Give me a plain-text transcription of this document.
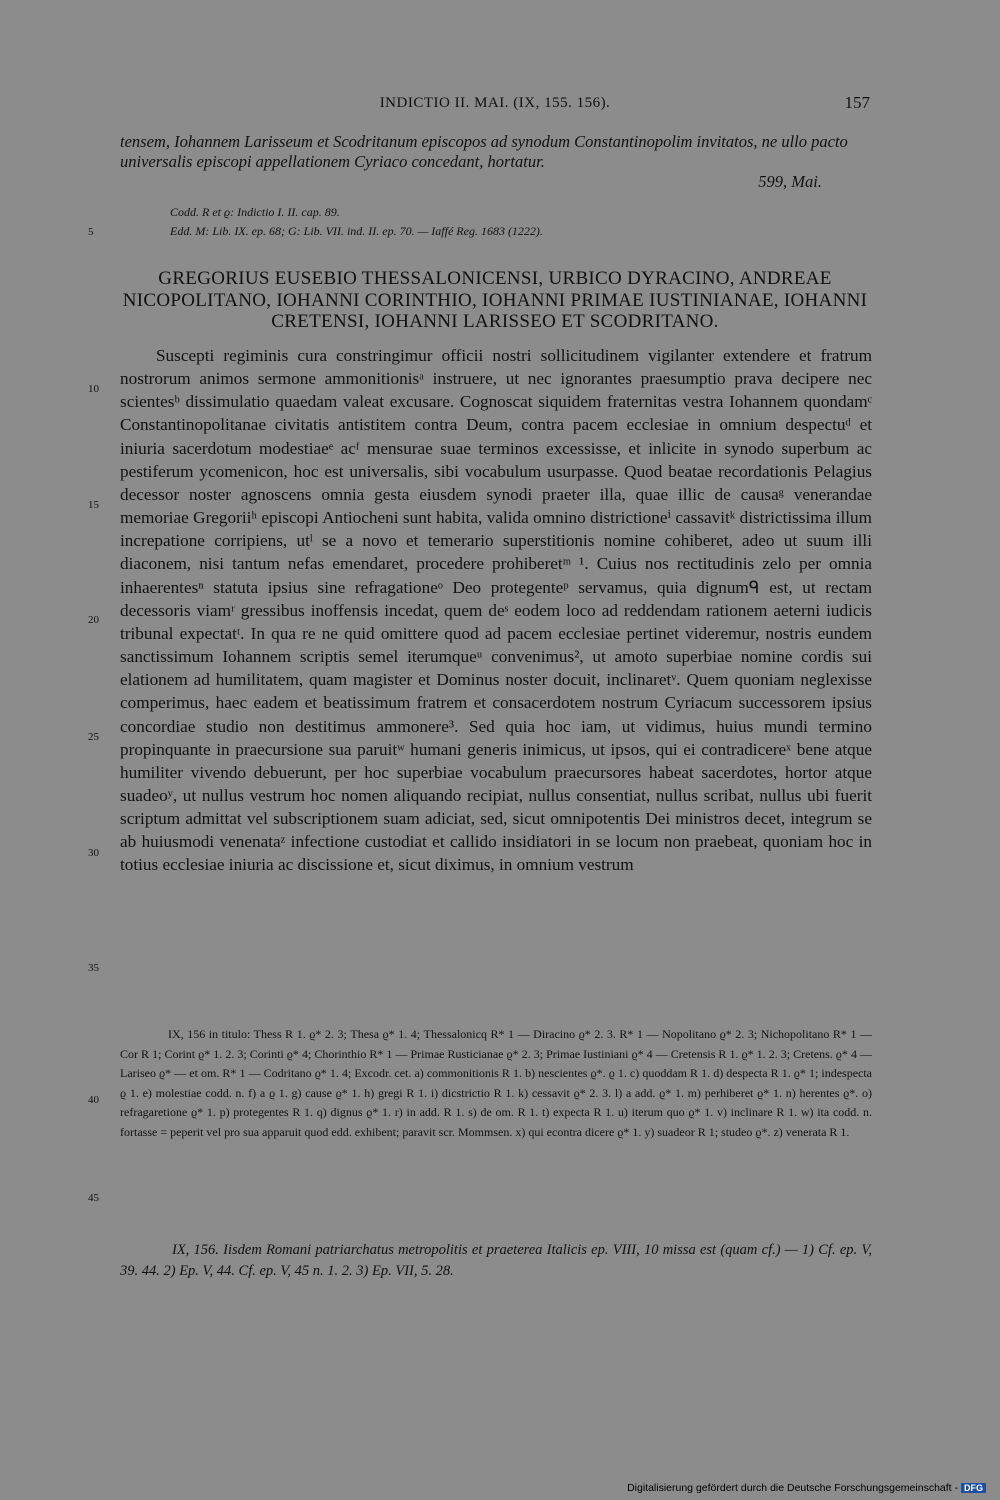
INDICTIO II. MAI. (IX, 155. 156).	157
tensem, Iohannem Larisseum et Scodritanum episcopos ad synodum Constantinopolim invitatos, ne ullo pacto universalis episcopi appellationem Cyriaco concedant, hortatur.
599, Mai.
Codd. R et ϱ: Indictio I. II. cap. 89.
Edd. M: Lib. IX. ep. 68; G: Lib. VII. ind. II. ep. 70. — Iaffé Reg. 1683 (1222).
5
10
15
20
25
30
35
40
45
GREGORIUS EUSEBIO THESSALONICENSI, URBICO DYRACINO, ANDREAE NICOPOLITANO, IOHANNI CORINTHIO, IOHANNI PRIMAE IUSTINIANAE, IOHANNI CRETENSI, IOHANNI LARISSEO ET SCODRITANO.

Suscepti regiminis cura constringimur officii nostri sollicitudinem vigilanter extendere et fratrum nostrorum animos sermone ammonitionisᵃ instruere, ut nec ignorantes praesumptio prava decipere nec scientesᵇ dissimulatio quaedam valeat excusare. Cognoscat siquidem fraternitas vestra Iohannem quondamᶜ Constantinopolitanae civitatis antistitem contra Deum, contra pacem ecclesiae in omnium despectuᵈ et iniuria sacerdotum modestiaeᵉ acᶠ mensurae suae terminos excessisse, et inlicite in synodo superbum ac pestiferum ycomenicon, hoc est universalis, sibi vocabulum usurpasse. Quod beatae recordationis Pelagius decessor noster agnoscens omnia gesta eiusdem synodi praeter illa, quae illic de causaᵍ venerandae memoriae Gregoriiʰ episcopi Antiocheni sunt habita, valida omnino districtioneⁱ cassavitᵏ districtissima illum increpatione corripiens, utˡ se a novo et temerario superstitionis nomine cohiberet, adeo ut suum illi diaconem, nisi tantum nefas emendaret, procedere prohiberetᵐ ¹. Cuius nos rectitudinis zelo per omnia inhaerentesⁿ statuta ipsius sine refragationeᵒ Deo protegenteᵖ servamus, quia dignumᑫ est, ut rectam decessoris viamʳ gressibus inoffensis incedat, quem deˢ eodem loco ad reddendam rationem aeterni iudicis tribunal expectatᵗ. In qua re ne quid omittere quod ad pacem ecclesiae pertinet videremur, nostris eundem sanctissimum Iohannem scriptis semel iterumqueᵘ convenimus², ut amoto superbiae nomine cordis sui elationem ad humilitatem, quam magister et Dominus noster docuit, inclinaretᵛ. Quem quoniam neglexisse comperimus, haec eadem et beatissimum fratrem et consacerdotem nostrum Cyriacum successorem ipsius concordiae studio non destitimus ammonere³. Sed quia hoc iam, ut vidimus, huius mundi termino propinquante in praecursione sua paruitʷ humani generis inimicus, ut ipsos, qui ei contradicereˣ bene atque humiliter vivendo debuerunt, per hoc superbiae vocabulum praecursores habeat sacerdotes, hortor atque suadeoʸ, ut nullus vestrum hoc nomen aliquando recipiat, nullus consentiat, nullus scribat, nullus ubi fuerit scriptum admittat vel subscriptionem suam adiciat, sed, sicut omnipotentis Dei ministros decet, integrum se ab huiusmodi venenataᶻ infectione custodiat et callido insidiatori in se locum non praebeat, quoniam hoc in totius ecclesiae iniuria ac discissione et, sicut diximus, in omnium vestrum

IX, 156 in titulo: Thess R 1. ϱ* 2. 3; Thesa ϱ* 1. 4; Thessalonicq R* 1 — Diracino ϱ* 2. 3. R* 1 — Nopolitano ϱ* 2. 3; Nichopolitano R* 1 — Cor R 1; Corint ϱ* 1. 2. 3; Corinti ϱ* 4; Chorinthio R* 1 — Primae Rusticianae ϱ* 2. 3; Primae Iustiniani ϱ* 4 — Cretensis R 1. ϱ* 1. 2. 3; Cretens. ϱ* 4 — Lariseo ϱ* — et om. R* 1 — Codritano ϱ* 1. 4; Excodr. cet. a) commonitionis R 1. b) nescientes ϱ*. ϱ 1. c) quoddam R 1. d) despecta R 1. ϱ* 1; indespecta ϱ 1. e) molestiae codd. n. f) a ϱ 1. g) cause ϱ* 1. h) gregi R 1. i) dicstrictio R 1. k) cessavit ϱ* 2. 3. l) a add. ϱ* 1. m) perhiberet ϱ* 1. n) herentes ϱ*. o) refragaretione ϱ* 1. p) protegentes R 1. q) dignus ϱ* 1. r) in add. R 1. s) de om. R 1. t) expecta R 1. u) iterum quo ϱ* 1. v) inclinare R 1. w) ita codd. n. fortasse = peperit vel pro sua apparuit quod edd. exhibent; paravit scr. Mommsen. x) qui econtra dicere ϱ* 1. y) suadeor R 1; studeo ϱ*. z) venerata R 1.

IX, 156. Iisdem Romani patriarchatus metropolitis et praeterea Italicis ep. VIII, 10 missa est (quam cf.) — 1) Cf. ep. V, 39. 44. 2) Ep. V, 44. Cf. ep. V, 45 n. 1. 2. 3) Ep. VII, 5. 28.

Digitalisierung gefördert durch die Deutsche Forschungsgemeinschaft - DFG
